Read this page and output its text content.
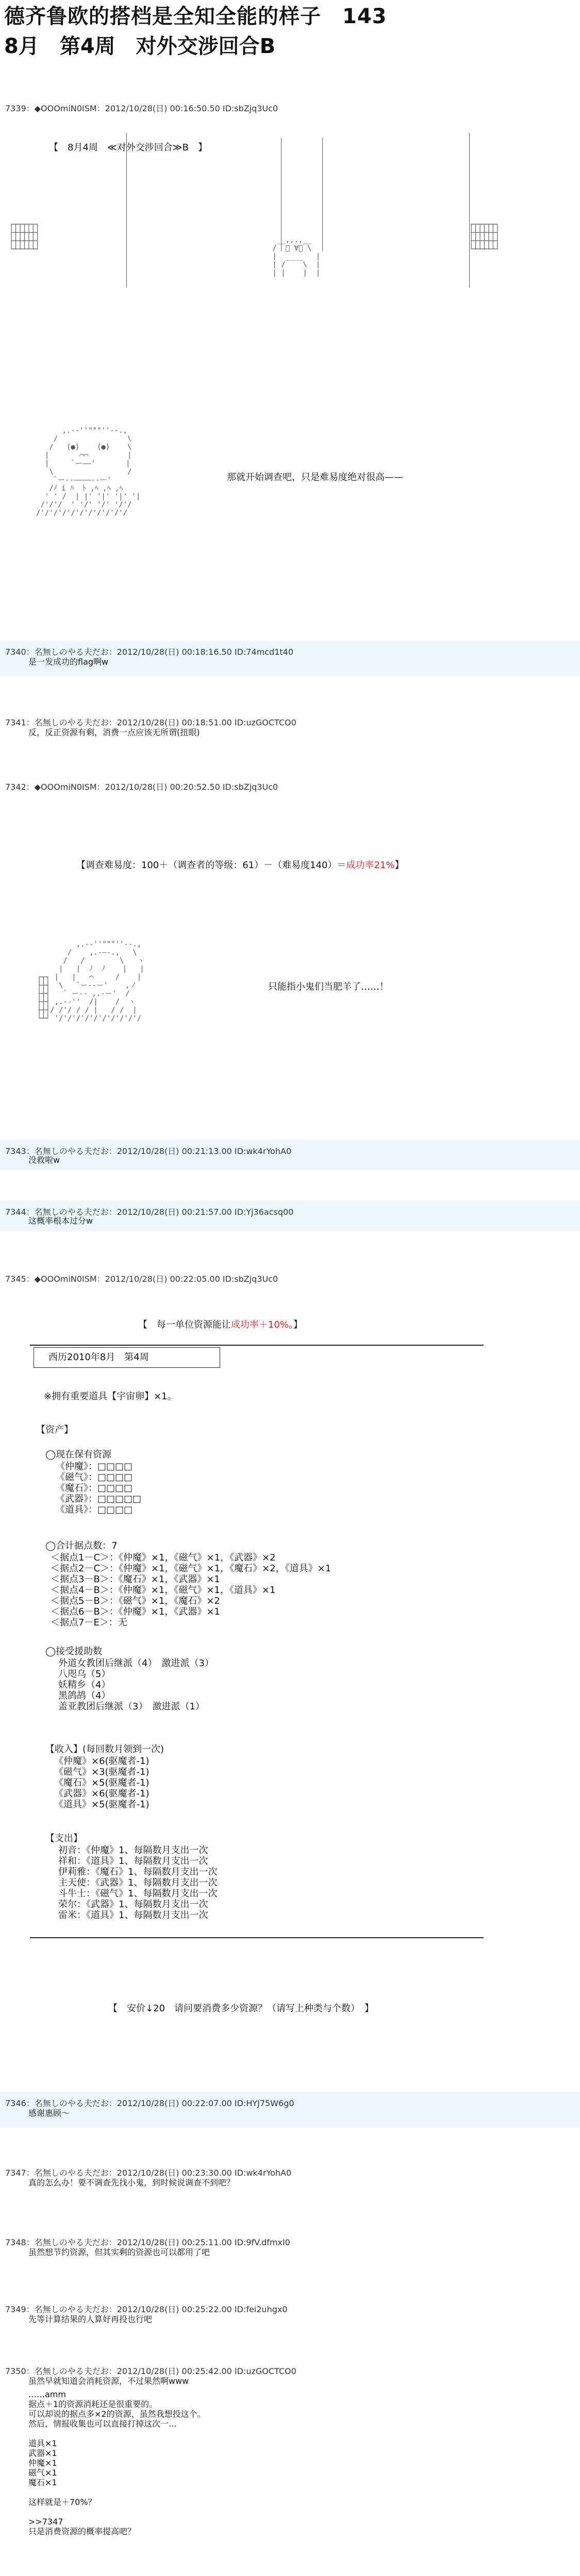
德齐鲁欧的搭档是全知全能的样子　143
8月　第4周　对外交涉回合B
7339：◆OOOmiN0ISM：2012/10/28(日) 00:16:50.50 ID:sbZjq3Uc0
【　8月4周　≪对外交涉回合≫B　】
__,,.,__
/  ﾟ ∀ﾟ \
|  ____   |
| /    \  |
| |    |  |
┌┬┬┬┬┬┐
├┼┼┼┼┼┤
├┼┼┼┼┼┤
└┴┴┴┴┴┘
┌┬┬┬┬┬┐
├┼┼┼┼┼┤
├┼┼┼┼┼┤
└┴┴┴┴┴┘
,.-‐''"""''‐-.,
/                \
/   (●)    (●)    \
|       ⌒⌒         |
|     `ー――'       |
\                 /
`ー--――――--ー'
/ﾉ i ﾊ  ﾄ ,ﾍ ,ﾍ ,ﾍ
' ' /  | |' '|' '|' '|
/'/'/  ' '/' '/' '/'/
/'/'/'/'/'/'/'/'/'/'/
那就开始调查吧，只是难易度绝对很高——
7340：名無しのやる夫だお：2012/10/28(日) 00:18:16.50 ID:74mcd1t40
是一发成功的flag啊w
7341：名無しのやる夫だお：2012/10/28(日) 00:18:51.00 ID:uzGOCTCO0
反，反正资源有剩，消费一点应该无所谓(扭眼)
7342：◆OOOmiN0ISM：2012/10/28(日) 00:20:52.50 ID:sbZjq3Uc0

【调查难易度：100＋（调查者的等级：61）－（难易度140）＝成功率21%】

,.-‐''"""''‐-.,
/    ,.-―-.,   \
/   /        \   ヽ
|   |  ﾉ  ﾉ    |   |
┌┬┐ |   |   ⌒     /    |
├┼┤  \   `ー--ー'    ,ノ
├┼┤   ` ー-- ,.-ー'  /
├┼┤ ,.-‐''  /|    /  ヽ
├┼┤/ /'/ / / |   / /  |
└┴┘ '/'/'/'/'/'/'/'/'/'/
只能指小鬼们当肥羊了……！
7343：名無しのやる夫だお：2012/10/28(日) 00:21:13.00 ID:wk4rYohA0
没救啦w
7344：名無しのやる夫だお：2012/10/28(日) 00:21:57.00 ID:Yj36acsq00
这概率根本过分w
7345：◆OOOmiN0ISM：2012/10/28(日) 00:22:05.00 ID:sbZjq3Uc0

【　每一单位资源能让成功率＋10%。】

西历2010年8月　第4周
※拥有重要道具【宇宙卵】×1。
【资产】
◯现在保有资源
《仲魔》：□□□□
《磁气》：□□□□
《魔石》：□□□□
《武器》：□□□□□
《道具》：□□□□
◯合计据点数：7
＜据点1－C＞：《仲魔》×1，《磁气》×1，《武器》×2
＜据点2－C＞：《仲魔》×1，《磁气》×1，《魔石》×2，《道具》×1
＜据点3－B＞：《魔石》×1，《武器》×1
＜据点4－B＞：《仲魔》×1，《磁气》×1，《道具》×1
＜据点5－B＞：《磁气》×1，《魔石》×2
＜据点6－B＞：《仲魔》×1，《武器》×1
＜据点7－E＞：无
◯接受援助数
　外道女教团后继派（4）　激进派（3）
　八咫乌（5）
　妖精乡（4）
　黑鸽鸪（4）
　盖亚教团后继派（3）　激进派（1）
【收入】(每回数月领到一次)
《仲魔》×6(驱魔者-1)
《磁气》×3(驱魔者-1)
《魔石》×5(驱魔者-1)
《武器》×6(驱魔者-1)
《道具》×5(驱魔者-1)
【支出】
　初音：《仲魔》1、每隔数月支出一次
　祥和：《道具》1、每隔数月支出一次
　伊莉雅：《魔石》1、每隔数月支出一次
　主天使：《武器》1、每隔数月支出一次
　斗牛士：《磁气》1、每隔数月支出一次
　荣尔：《武器》1、每隔数月支出一次
　雷米：《道具》1、每隔数月支出一次
【　安价↓20　请问要消费多少资源？（请写上种类与个数）　】
7346：名無しのやる夫だお：2012/10/28(日) 00:22:07.00 ID:HYJ75W6g0
感谢惠顾～
7347：名無しのやる夫だお：2012/10/28(日) 00:23:30.00 ID:wk4rYohA0
真的怎么办！要不调查先找小鬼，到时候说调查不到吧？
7348：名無しのやる夫だお：2012/10/28(日) 00:25:11.00 ID:9fV.dfmxI0
虽然想节约资源，但其实剩的资源也可以都用了吧
7349：名無しのやる夫だお：2012/10/28(日) 00:25:22.00 ID:fei2uhgx0
先等计算结果的人算好再投也行吧
7350：名無しのやる夫だお：2012/10/28(日) 00:25:42.00 ID:uzGOCTCO0
虽然早就知道会消耗资源，不过果然啊www
……amm
据点＋1的资源消耗还是很重要的。
可以却说的据点多×2的资源，虽然我想投这个。
然后，情报收集也可以直接打掉这次一…
道具×1
武器×1
仲魔×1
磁气×1
魔石×1
这样就是＋70%？
>>7347
只是消费资源的概率提高吧？
